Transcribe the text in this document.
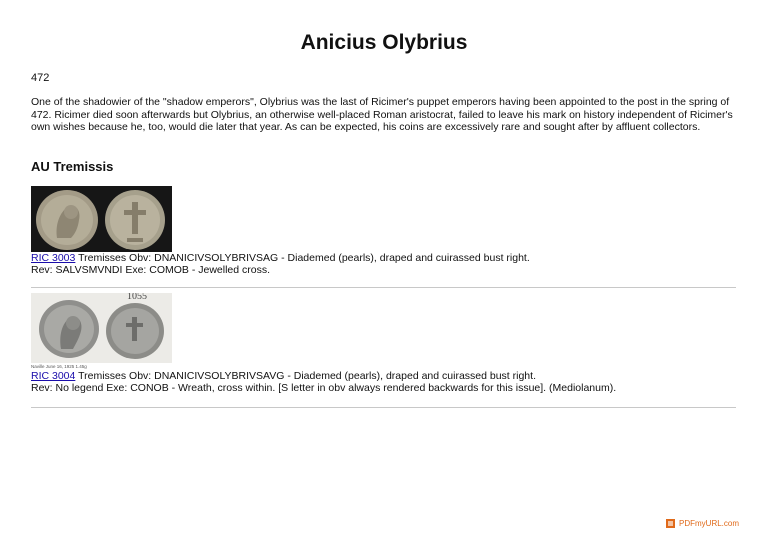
Anicius Olybrius
472
One of the shadowier of the "shadow emperors", Olybrius was the last of Ricimer's puppet emperors having been appointed to the post in the spring of 472. Ricimer died soon afterwards but Olybrius, an otherwise well-placed Roman aristocrat, failed to leave his mark on history independent of Ricimer's own wishes because he, too, would die later that year. As can be expected, his coins are excessively rare and sought after by affluent collectors.
AU Tremissis
RIC 3003 Tremisses Obv: DNANICIVSOLYBRIVSAG - Diademed (pearls), draped and cuirassed bust right.
Rev: SALVSMVNDI Exe: COMOB - Jewelled cross.
1055
Naville June 16, 1925 1.45g
RIC 3004 Tremisses Obv: DNANICIVSOLYBRIVSAVG - Diademed (pearls), draped and cuirassed bust right.
Rev: No legend Exe: CONOB - Wreath, cross within. [S letter in obv always rendered backwards for this issue]. (Mediolanum).
PDFmyURL.com
